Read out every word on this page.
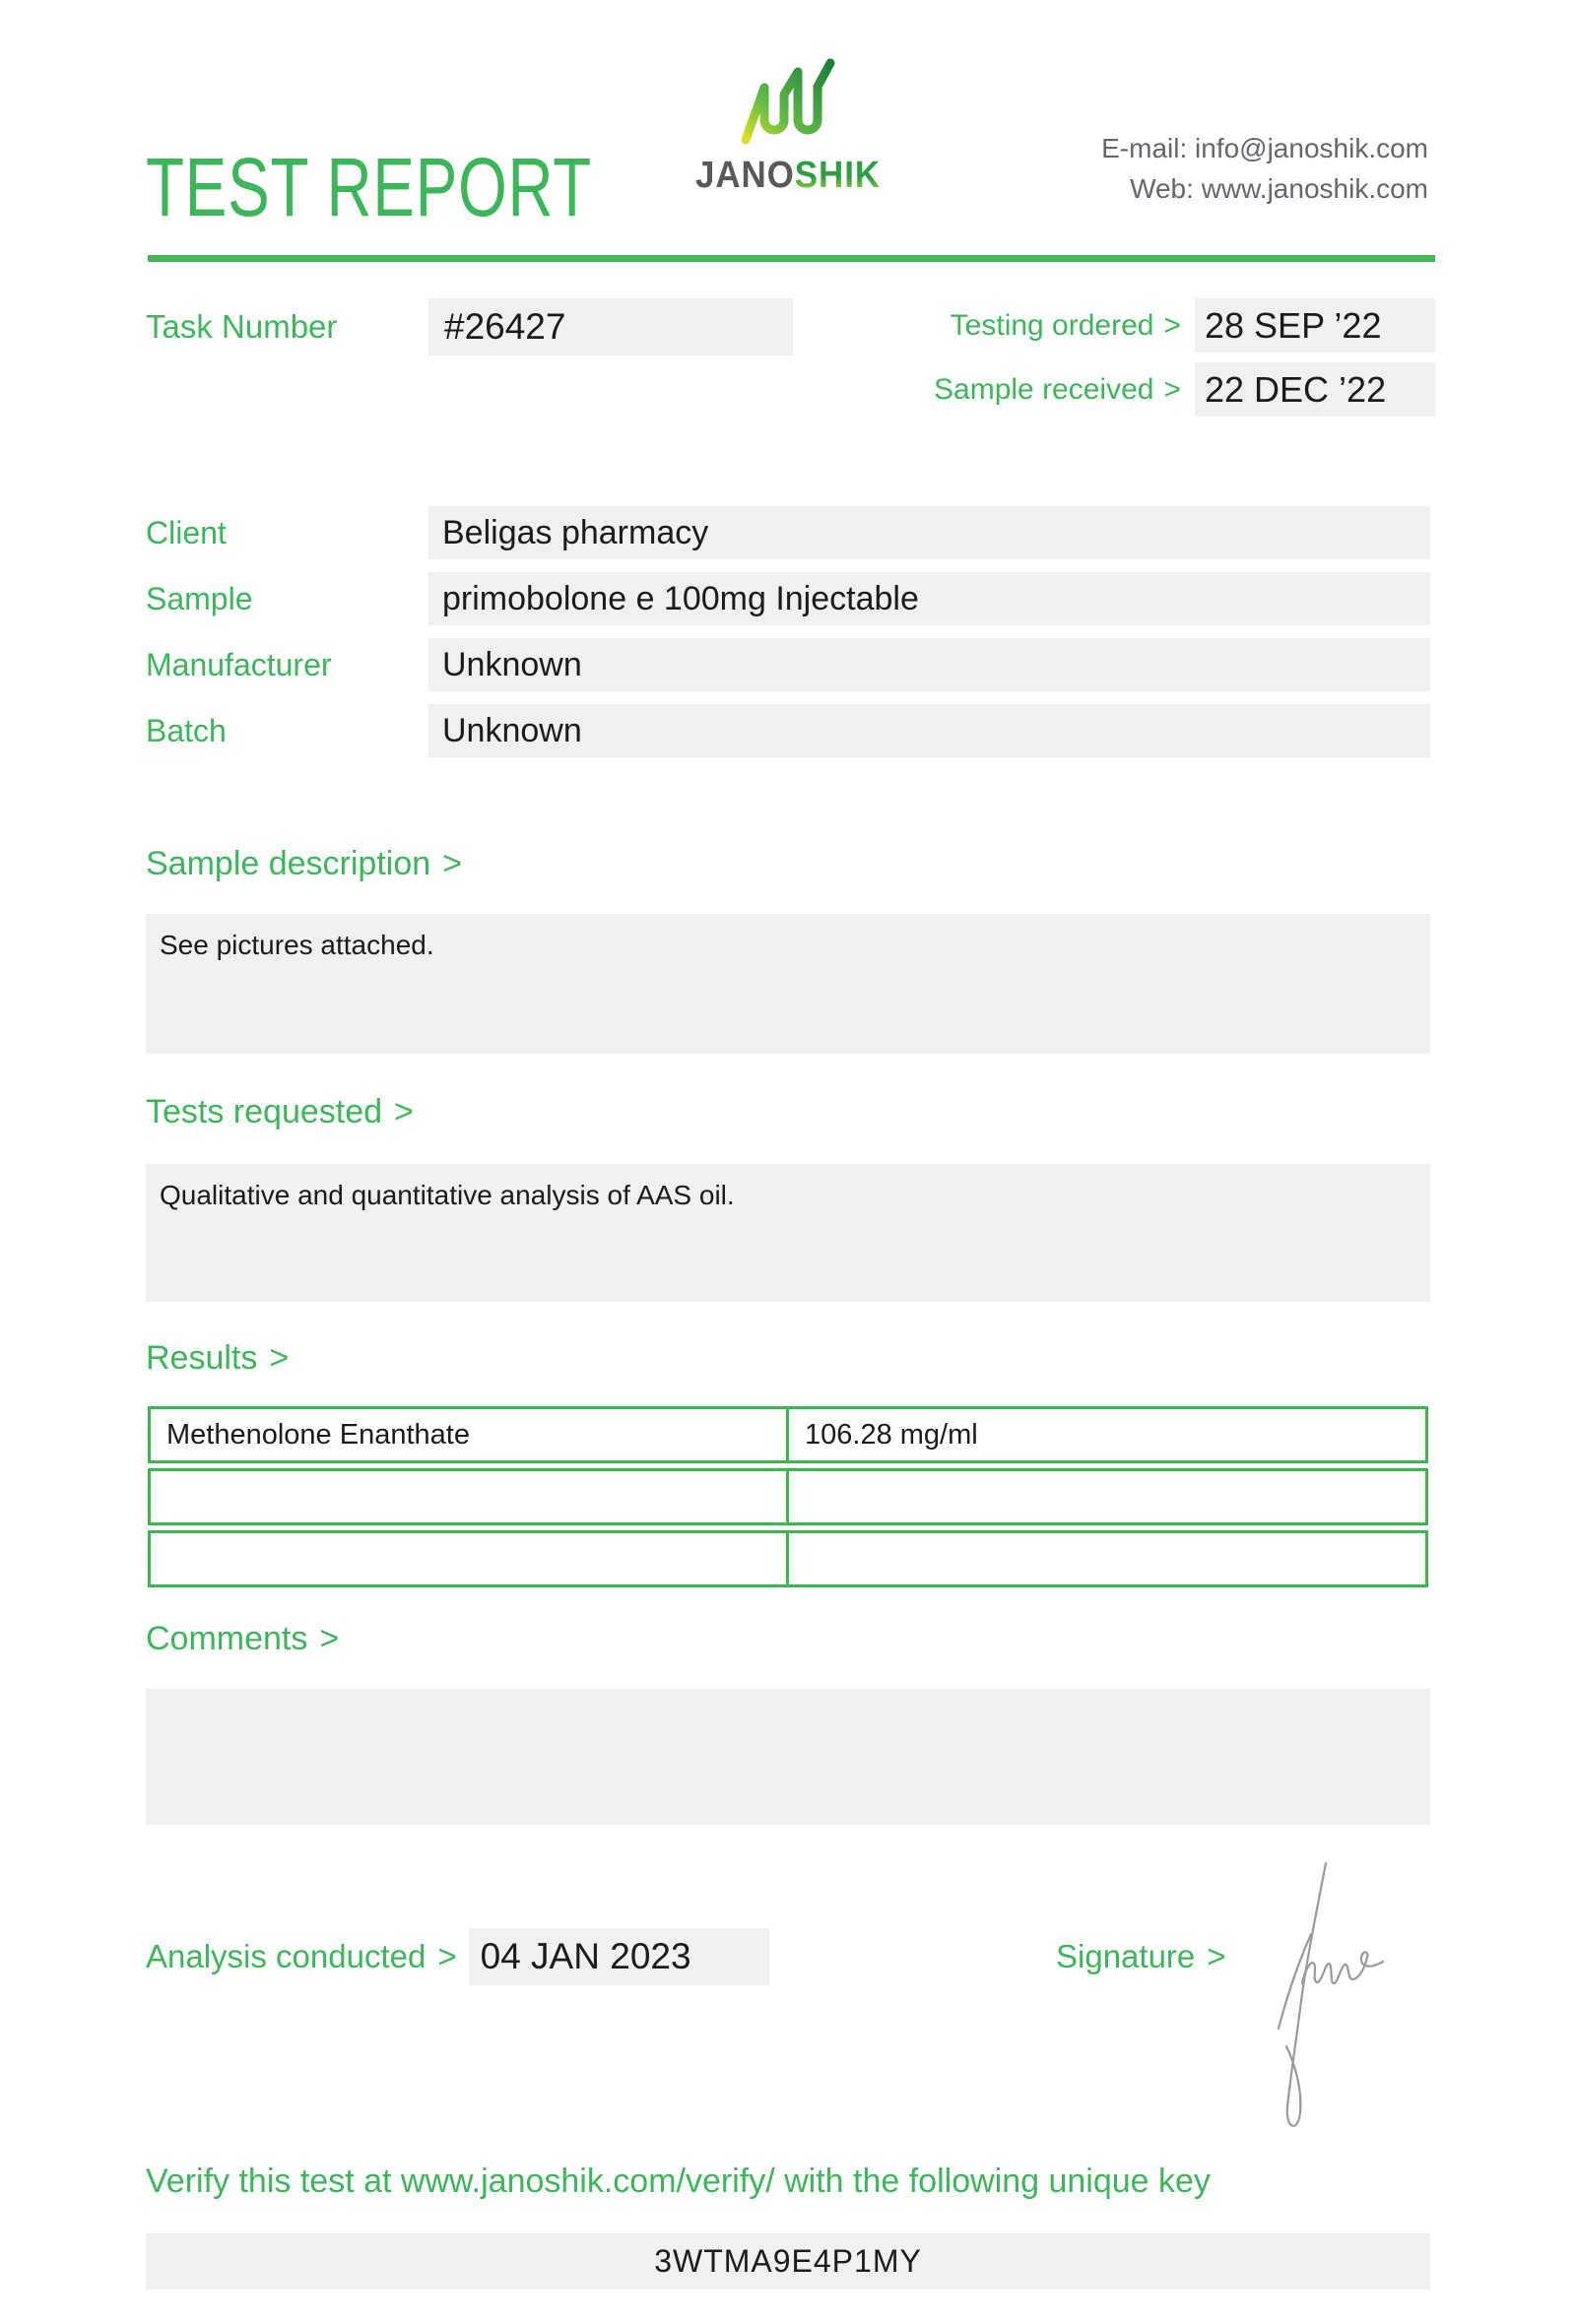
TEST REPORT	JANOSHIK
E-mail: info@janoshik.com
Web: www.janoshik.com
Task Number	#26427	Testing ordered > 28 SEP ’22
Sample received > 22 DEC ’22
Client	Beligas pharmacy
Sample	primobolone e 100mg Injectable
Manufacturer	Unknown
Batch	Unknown
Sample description >
See pictures attached.
Tests requested >
Qualitative and quantitative analysis of AAS oil.
Results >
Methenolone Enanthate	106.28 mg/ml
Comments >
Analysis conducted > 04 JAN 2023	Signature >
Verify this test at www.janoshik.com/verify/ with the following unique key
3WTMA9E4P1MY
